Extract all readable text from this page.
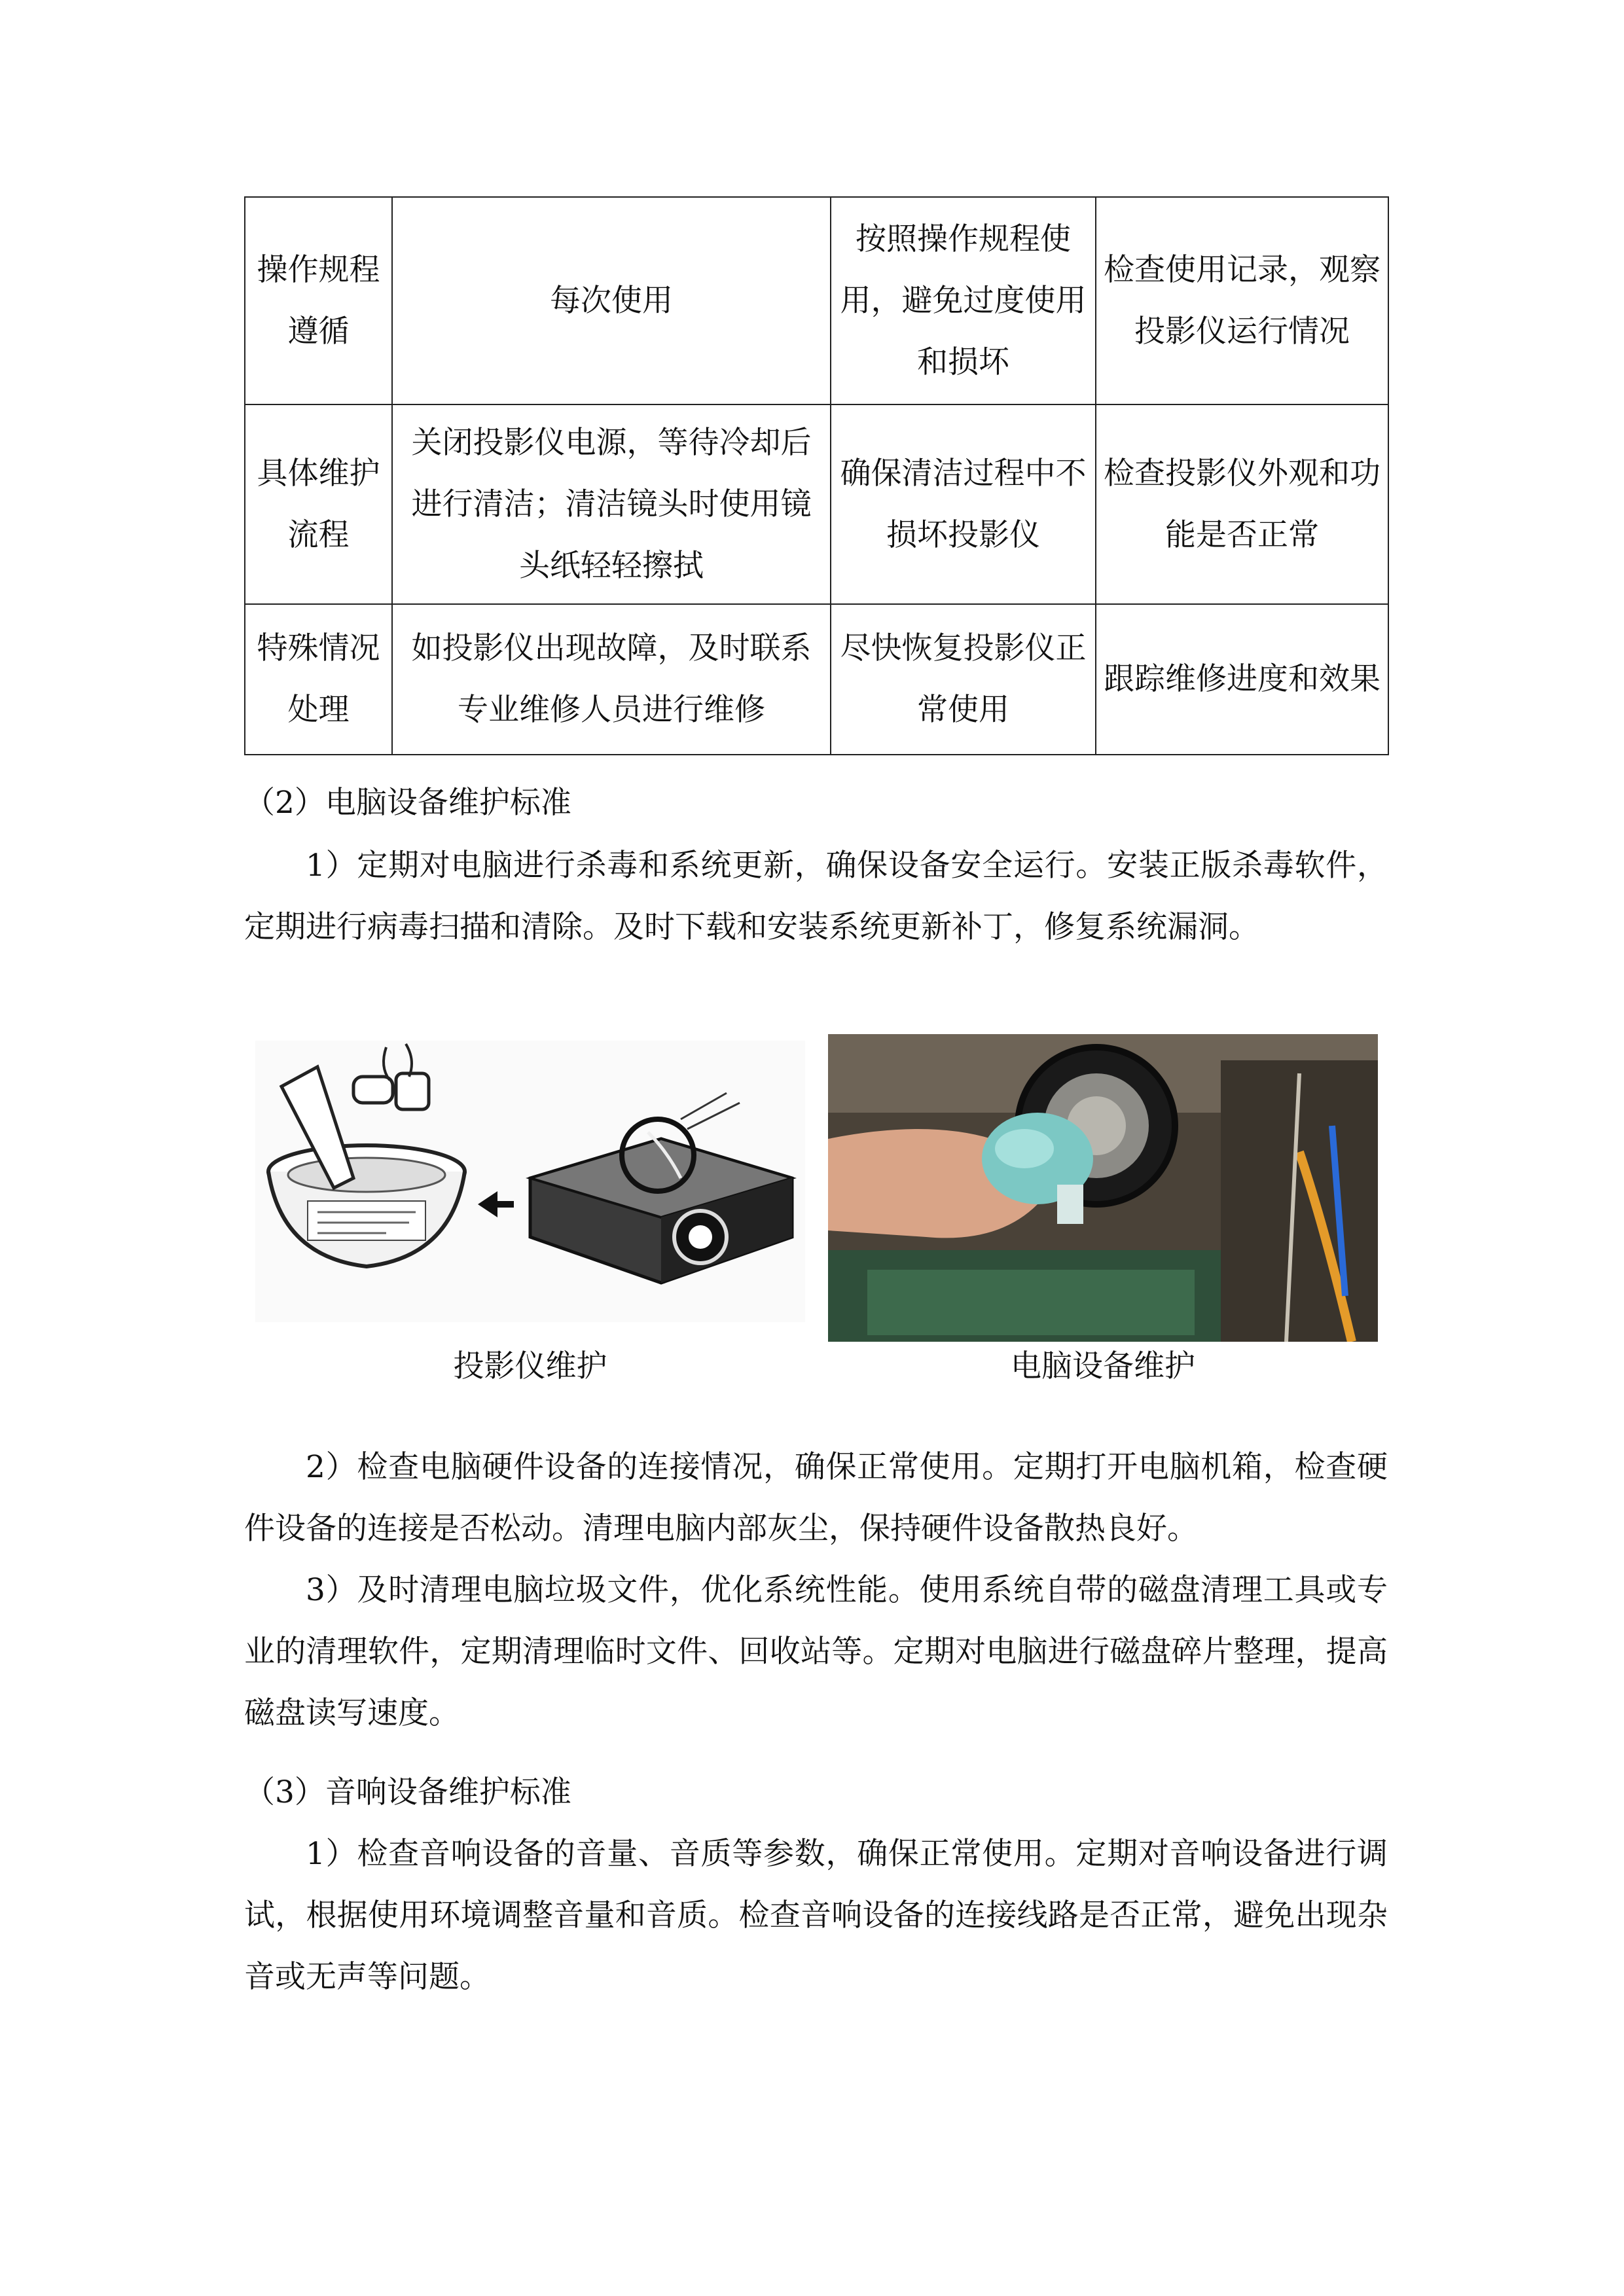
操作规程遵循	每次使用	按照操作规程使用，避免过度使用和损坏	检查使用记录，观察投影仪运行情况
具体维护流程	关闭投影仪电源，等待冷却后进行清洁；清洁镜头时使用镜头纸轻轻擦拭	确保清洁过程中不损坏投影仪	检查投影仪外观和功能是否正常
特殊情况处理	如投影仪出现故障，及时联系专业维修人员进行维修	尽快恢复投影仪正常使用	跟踪维修进度和效果

（2）电脑设备维护标准

1）定期对电脑进行杀毒和系统更新，确保设备安全运行。安装正版杀毒软件，定期进行病毒扫描和清除。及时下载和安装系统更新补丁，修复系统漏洞。

投影仪维护	电脑设备维护

2）检查电脑硬件设备的连接情况，确保正常使用。定期打开电脑机箱，检查硬件设备的连接是否松动。清理电脑内部灰尘，保持硬件设备散热良好。

3）及时清理电脑垃圾文件，优化系统性能。使用系统自带的磁盘清理工具或专业的清理软件，定期清理临时文件、回收站等。定期对电脑进行磁盘碎片整理，提高磁盘读写速度。

（3）音响设备维护标准

1）检查音响设备的音量、音质等参数，确保正常使用。定期对音响设备进行调试，根据使用环境调整音量和音质。检查音响设备的连接线路是否正常，避免出现杂音或无声等问题。
